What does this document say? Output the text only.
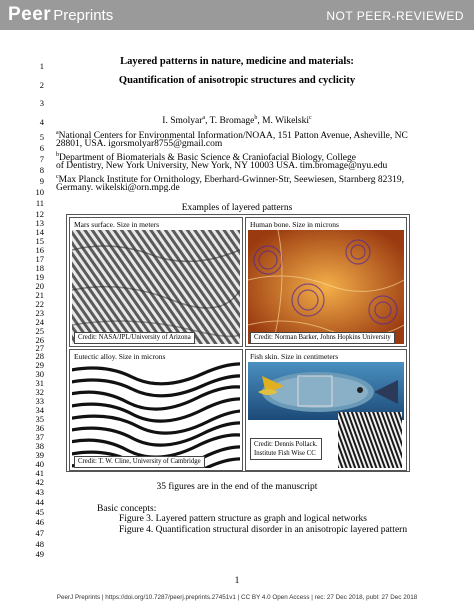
Peer Preprints	NOT PEER-REVIEWED
1
2
3
4
5
6
7
8
9
10
11
12
13
14
15
16
17
18
19
20
21
22
23
24
25
26
27
28
29
30
31
32
33
34
35
36
37
38
39
40
41
42
43
44
45
46
47
48
49
Layered patterns in nature, medicine and materials:
Quantification of anisotropic structures and cyclicity
I. Smolyar$^a$, T. Bromage$^b$, M. Wikelski$^c$
$^a$National Centers for Environmental Information/NOAA, 151 Patton Avenue, Asheville, NC
28801, USA. igorsmolyar8755@gmail.com
$^b$Department of Biomaterials & Basic Science & Craniofacial Biology, College
of Dentistry, New York University, New York, NY 10003 USA. tim.bromage@nyu.edu
$^c$Max Planck Institute for Ornithology, Eberhard-Gwinner-Str, Seewiesen, Starnberg 82319,
Germany. wikelski@orn.mpg.de
Examples of layered patterns
Mars surface. Size in meters
Credit: NASA/JPL/University of Arizona
Human bone. Size in microns
Credit: Norman Barker, Johns Hopkins University
Eutectic alloy. Size in microns
Credit: T. W. Cline, University of Cambridge
Fish skin. Size in centimeters
Credit: Dennis Pollack.
Institute Fish Wise CC
35 figures are in the end of the manuscript
Basic concepts:
Figure 3. Layered pattern structure as graph and logical networks
Figure 4. Quantification structural disorder in an anisotropic layered pattern
1
PeerJ Preprints | https://doi.org/10.7287/peerj.preprints.27451v1 | CC BY 4.0 Open Access | rec: 27 Dec 2018, publ: 27 Dec 2018
